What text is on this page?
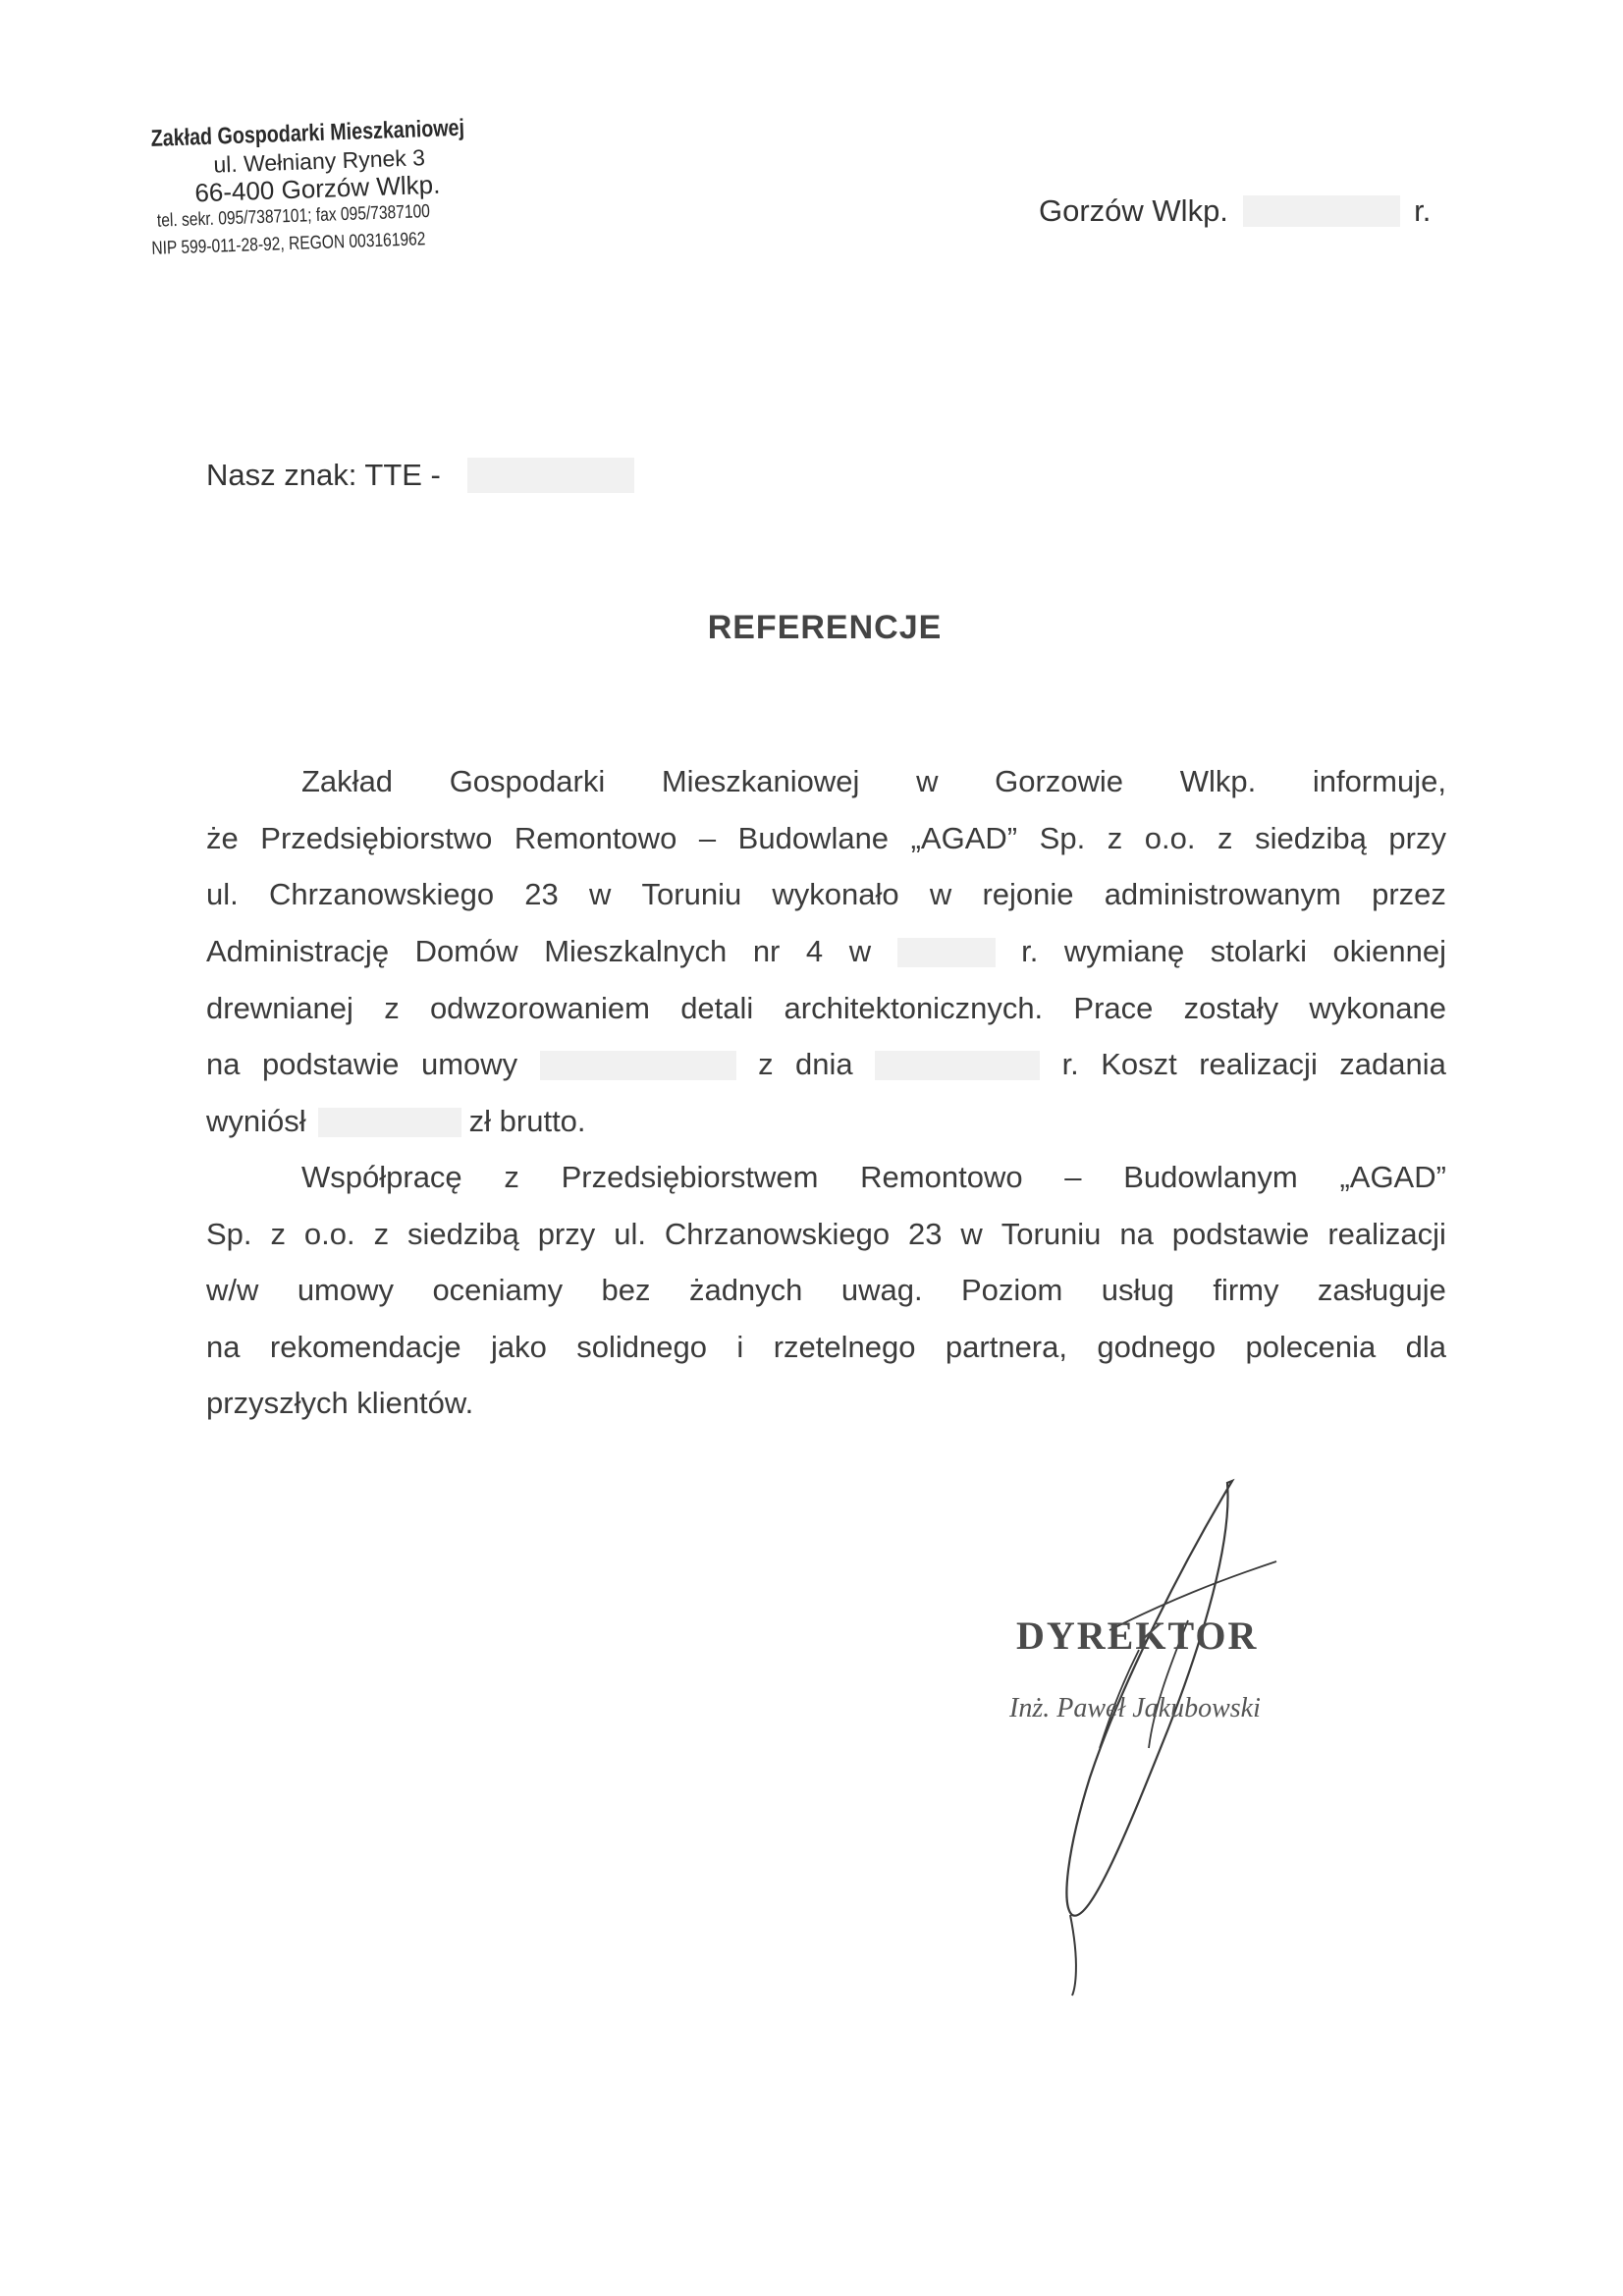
Zakład Gospodarki Mieszkaniowej
ul. Wełniany Rynek 3
66-400 Gorzów Wlkp.
tel. sekr. 095/7387101; fax 095/7387100
NIP 599-011-28-92, REGON 003161962
Gorzów Wlkp.	r.
Nasz znak: TTE -
REFERENCJE
Zakład Gospodarki Mieszkaniowej w Gorzowie Wlkp. informuje,
że Przedsiębiorstwo Remontowo – Budowlane „AGAD” Sp. z o.o. z siedzibą przy
ul. Chrzanowskiego 23 w Toruniu wykonało w rejonie administrowanym przez
Administrację Domów Mieszkalnych nr 4 w	r. wymianę stolarki okiennej
drewnianej z odwzorowaniem detali architektonicznych. Prace zostały wykonane
na podstawie umowy	z dnia	r. Koszt realizacji zadania
wyniósł	zł brutto.
Współpracę z Przedsiębiorstwem Remontowo – Budowlanym „AGAD”
Sp. z o.o. z siedzibą przy ul. Chrzanowskiego 23 w Toruniu na podstawie realizacji
w/w umowy oceniamy bez żadnych uwag. Poziom usług firmy zasługuje
na rekomendacje jako solidnego i rzetelnego partnera, godnego polecenia dla
przyszłych klientów.
DYREKTOR
Inż. Paweł Jakubowski
